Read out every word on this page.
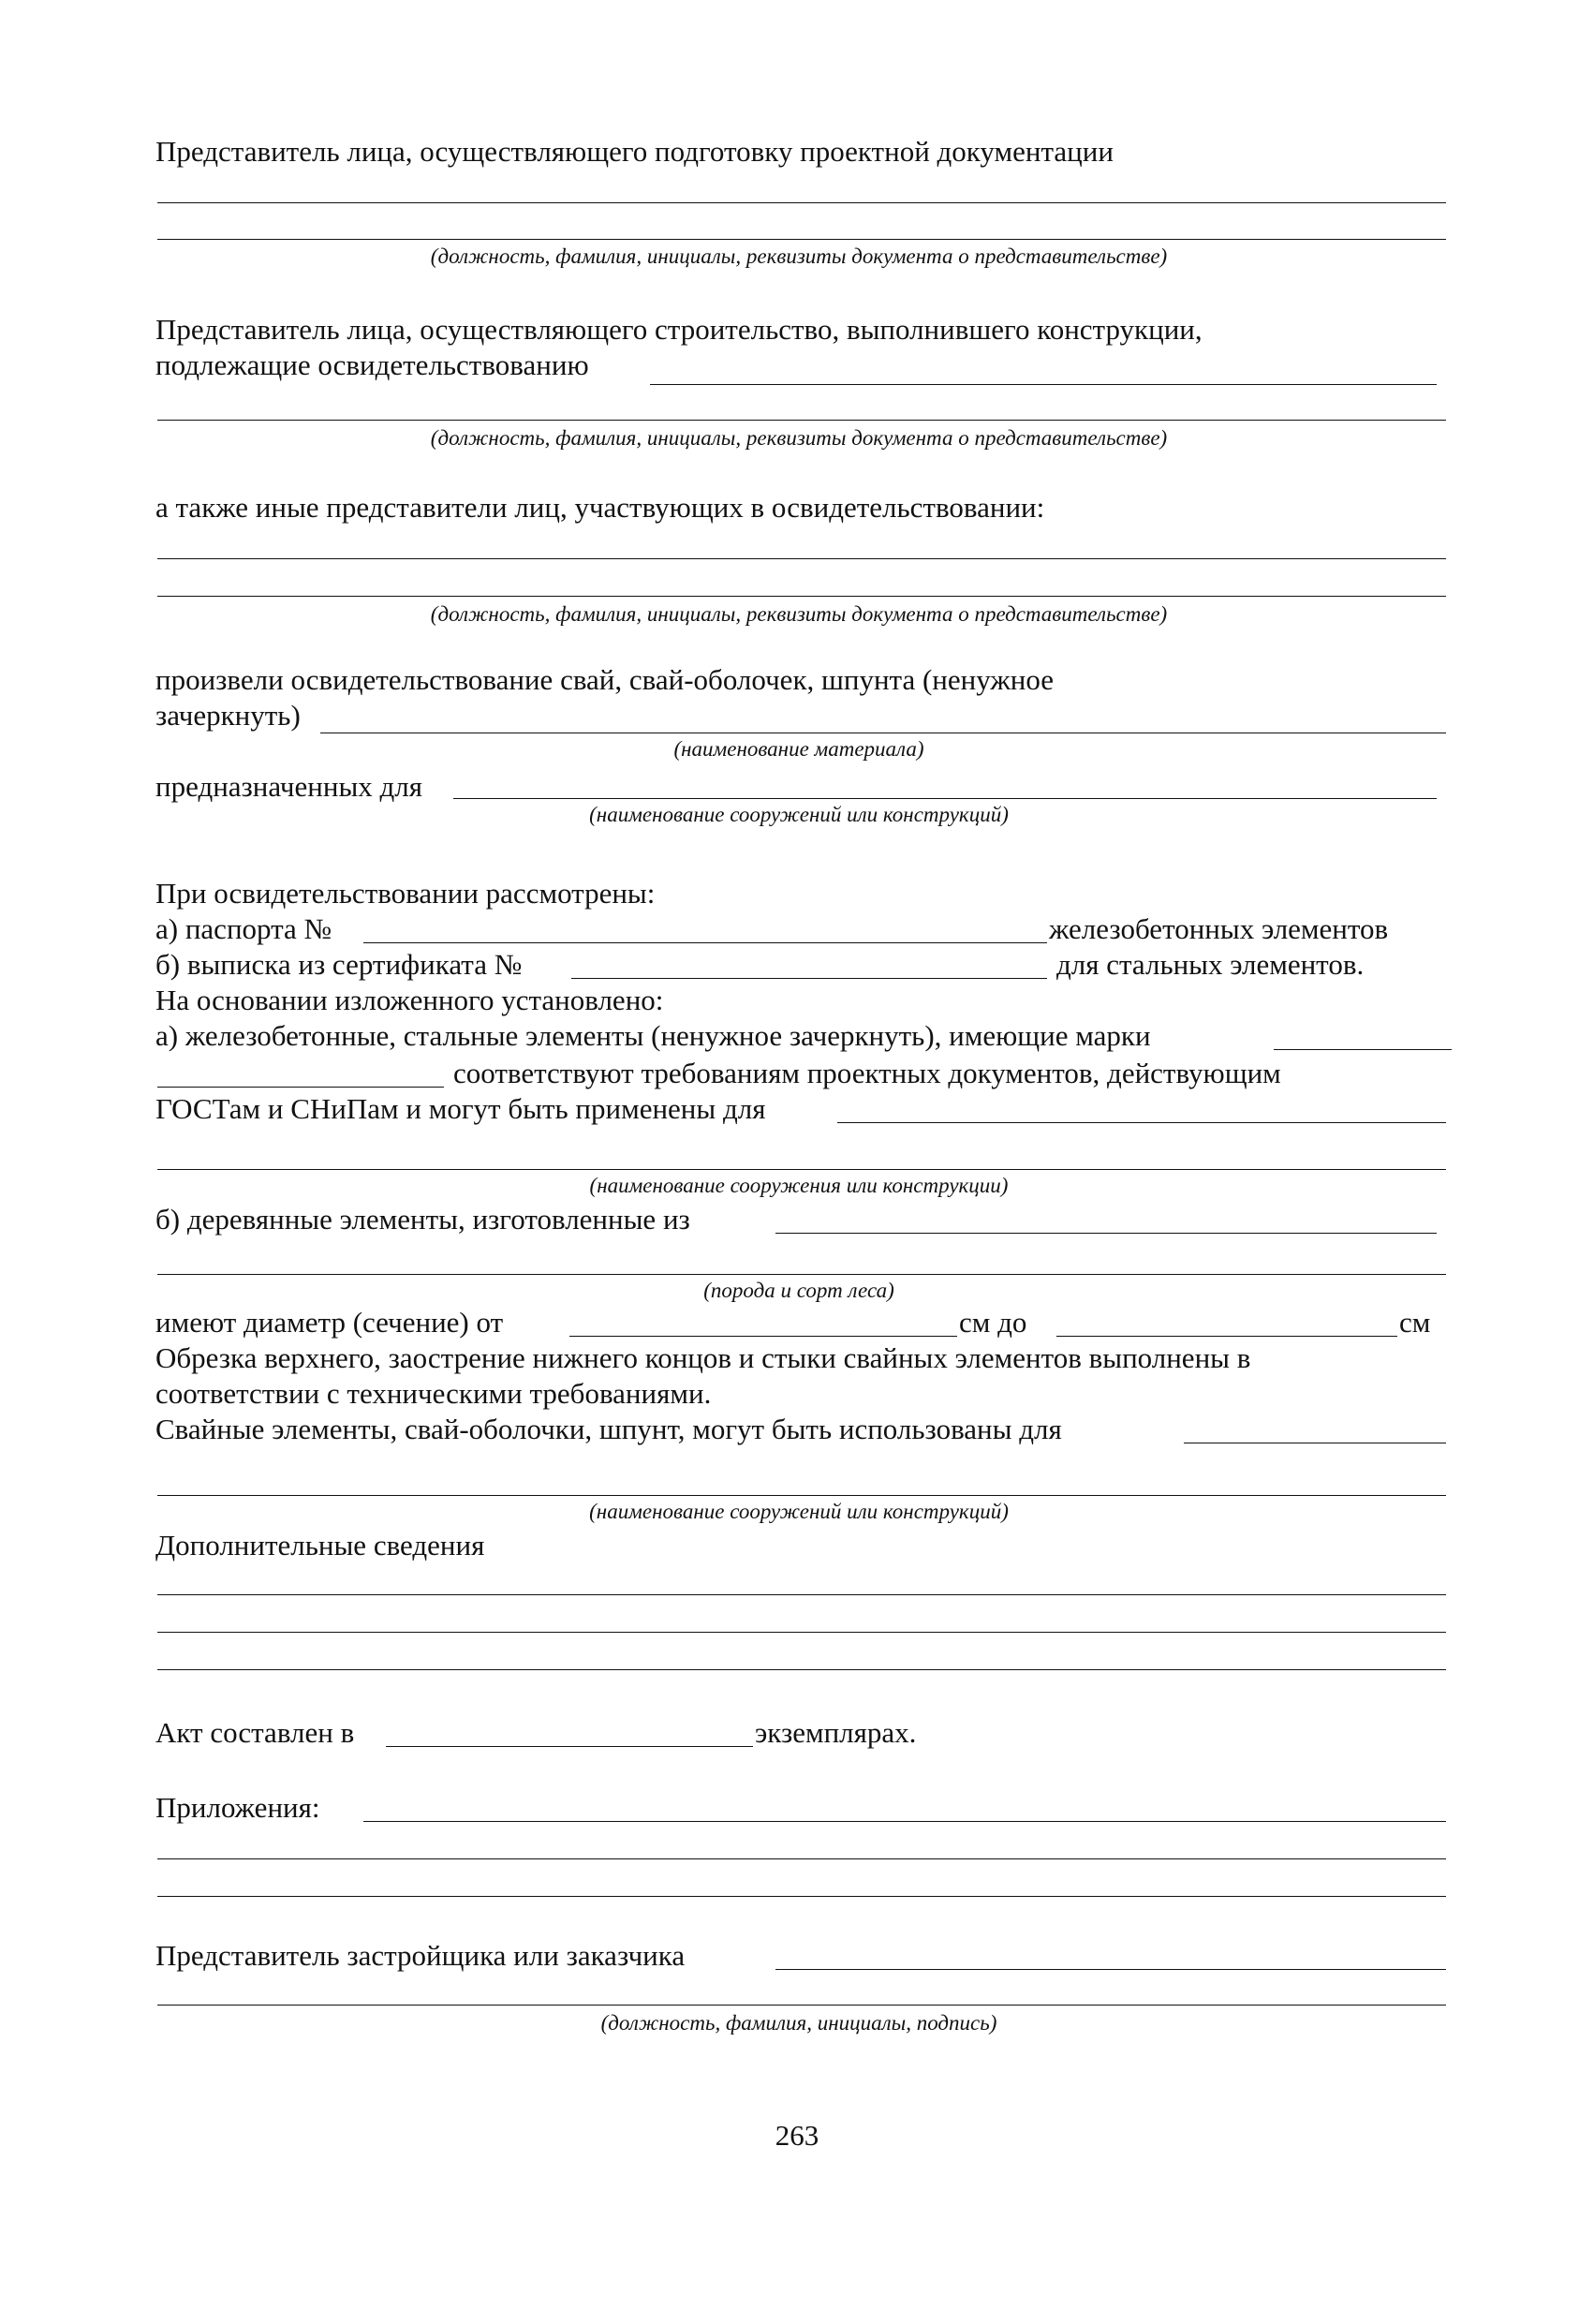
Представитель лица, осуществляющего подготовку проектной документации
(должность, фамилия, инициалы, реквизиты документа о представительстве)
Представитель лица, осуществляющего строительство, выполнившего конструкции,
подлежащие освидетельствованию
(должность, фамилия, инициалы, реквизиты документа о представительстве)
а также иные представители лиц, участвующих в освидетельствовании:
(должность, фамилия, инициалы, реквизиты документа о представительстве)
произвели освидетельствование свай, свай-оболочек, шпунта (ненужное
зачеркнуть)
(наименование материала)
предназначенных для
(наименование сооружений или конструкций)
При освидетельствовании рассмотрены:
а) паспорта №	железобетонных элементов
б) выписка из сертификата №	для стальных элементов.
На основании изложенного установлено:
а) железобетонные, стальные элементы (ненужное зачеркнуть), имеющие марки
соответствуют требованиям проектных документов, действующим
ГОСТам и СНиПам и могут быть применены для
(наименование сооружения или конструкции)
б) деревянные элементы, изготовленные из
(порода и сорт леса)
имеют диаметр (сечение) от	см до	см
Обрезка верхнего, заострение нижнего концов и стыки свайных элементов выполнены в
соответствии с техническими требованиями.
Свайные элементы, свай-оболочки, шпунт, могут быть использованы для
(наименование сооружений или конструкций)
Дополнительные сведения
Акт составлен в	экземплярах.
Приложения:
Представитель застройщика или заказчика
(должность, фамилия, инициалы, подпись)
263
